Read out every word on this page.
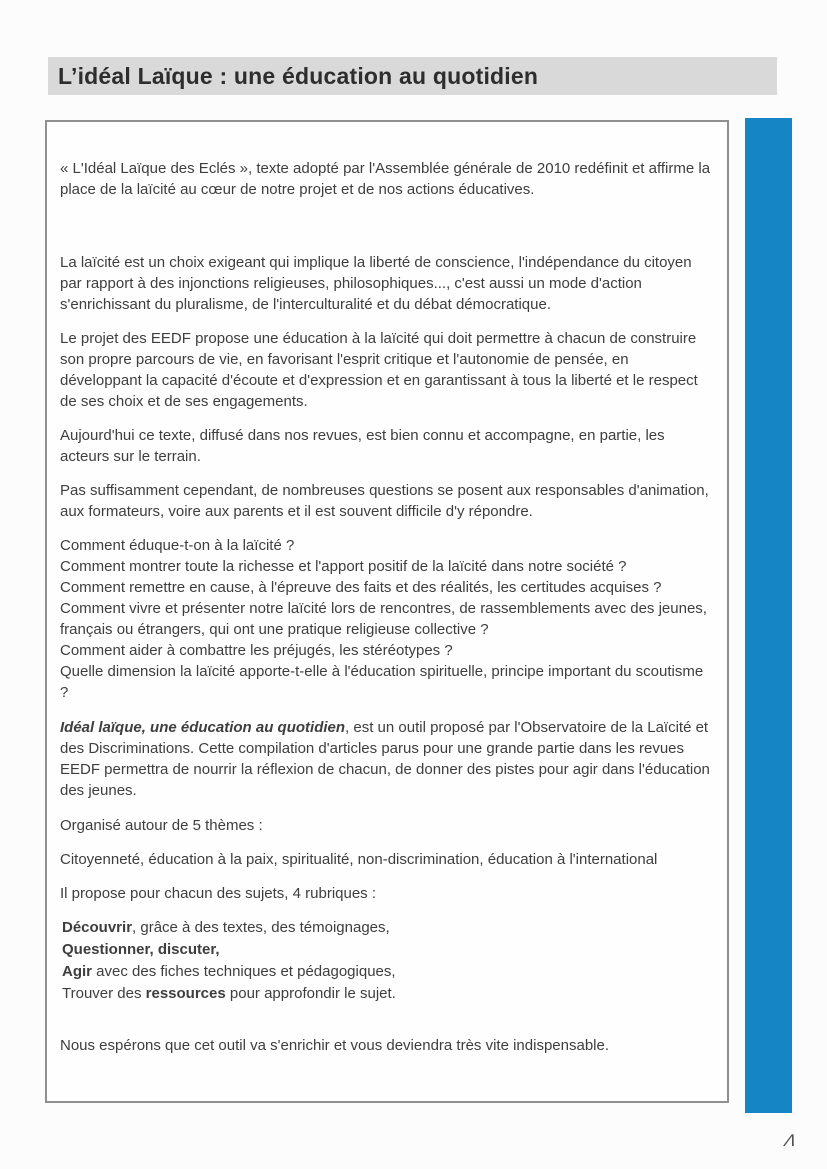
L’idéal Laïque : une éducation au quotidien

« L'Idéal Laïque des Eclés », texte adopté par l'Assemblée générale de 2010 redéfinit et affirme la place de la laïcité au cœur de notre projet et de nos actions éducatives.

La laïcité est un choix exigeant qui implique la liberté de conscience, l'indépendance du citoyen par rapport à des injonctions religieuses, philosophiques..., c'est aussi un mode d'action s'enrichissant du pluralisme, de l'interculturalité et du débat démocratique.

Le projet des EEDF propose une éducation à la laïcité qui doit permettre à chacun de construire son propre parcours de vie, en favorisant l'esprit critique et l'autonomie de pensée, en développant la capacité d'écoute et d'expression et en garantissant à tous la liberté et le respect de ses choix et de ses engagements.

Aujourd'hui ce texte, diffusé dans nos revues, est bien connu et accompagne, en partie, les acteurs sur le terrain.

Pas suffisamment cependant, de nombreuses questions se posent aux responsables d'animation, aux formateurs, voire aux parents et il est souvent difficile d'y répondre.

Comment éduque-t-on à la laïcité ?
Comment montrer toute la richesse et l'apport positif de la laïcité dans notre société ?
Comment remettre en cause, à l'épreuve des faits et des réalités, les certitudes acquises ?
Comment vivre et présenter notre laïcité lors de rencontres, de rassemblements avec des jeunes, français ou étrangers, qui ont une pratique religieuse collective ?
Comment aider à combattre les préjugés, les stéréotypes ?
Quelle dimension la laïcité apporte-t-elle à l'éducation spirituelle, principe important du scoutisme ?

Idéal laïque, une éducation au quotidien, est un outil proposé par l'Observatoire de la Laïcité et des Discriminations. Cette compilation d'articles parus pour une grande partie dans les revues EEDF permettra de nourrir la réflexion de chacun, de donner des pistes pour agir dans l'éducation des jeunes.

Organisé autour de 5 thèmes :

Citoyenneté, éducation à la paix, spiritualité, non-discrimination, éducation à l'international

Il propose pour chacun des sujets, 4 rubriques :

Découvrir, grâce à des textes, des témoignages,
Questionner, discuter,
Agir avec des fiches techniques et pédagogiques,
Trouver des ressources pour approfondir le sujet.

Nous espérons que cet outil va s'enrichir et vous deviendra très vite indispensable.

Λ
